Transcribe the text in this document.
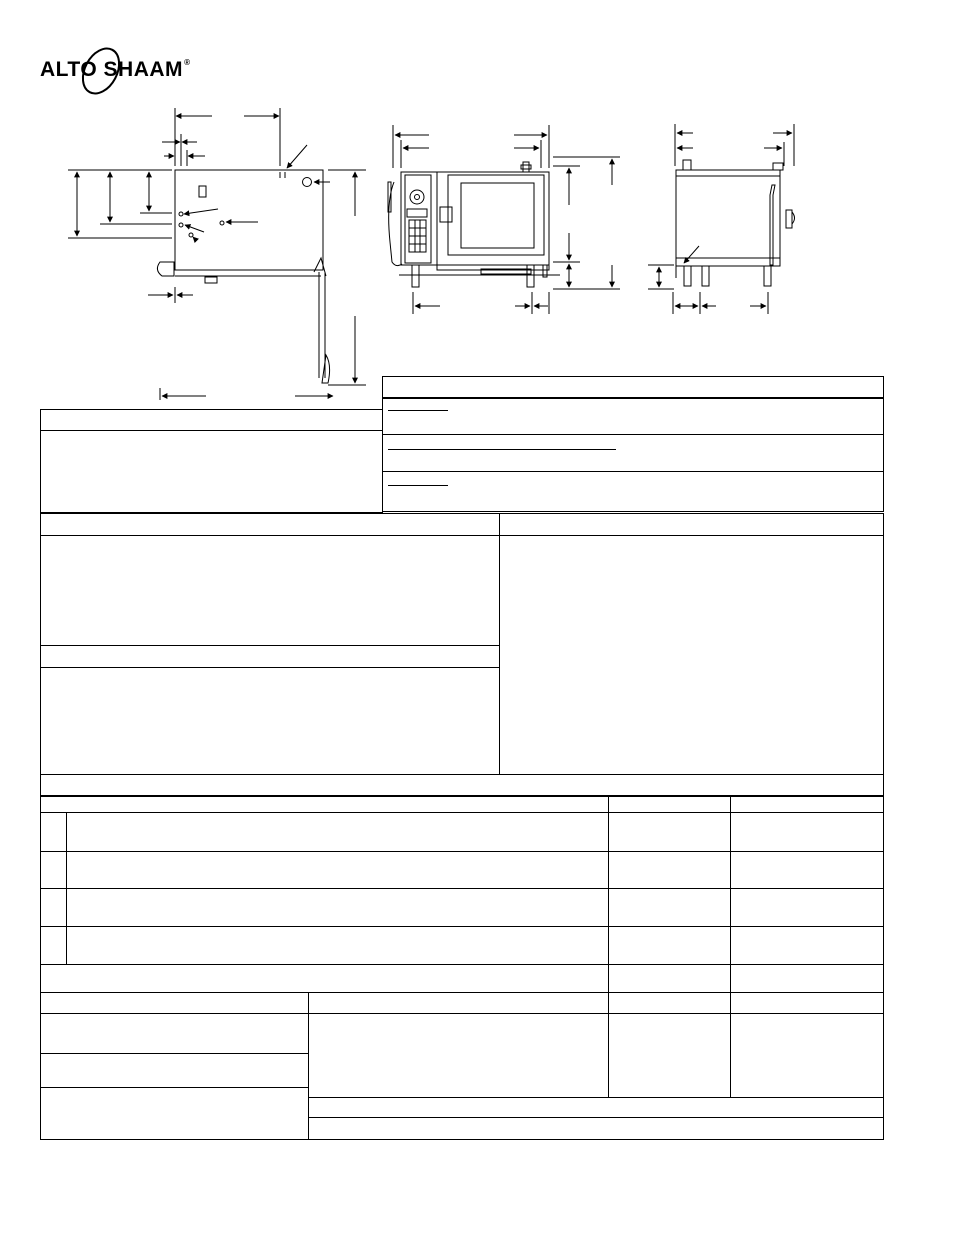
ALTO SHAAM®
